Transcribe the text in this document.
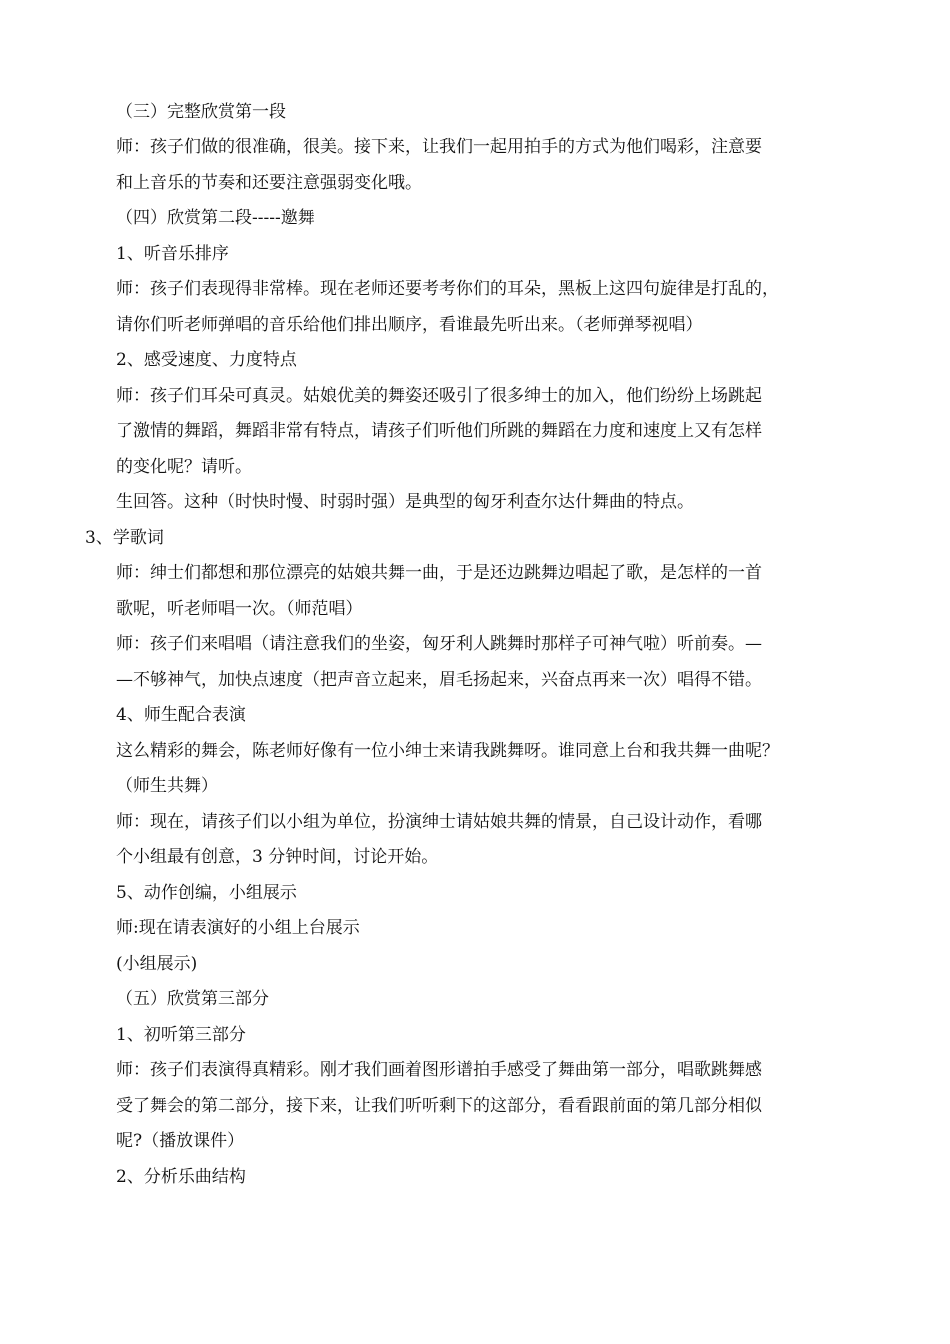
（三）完整欣赏第一段
师：孩子们做的很准确，很美。接下来，让我们一起用拍手的方式为他们喝彩，注意要
和上音乐的节奏和还要注意强弱变化哦。
（四）欣赏第二段-----邀舞
1、听音乐排序
师：孩子们表现得非常棒。现在老师还要考考你们的耳朵，黑板上这四句旋律是打乱的，
请你们听老师弹唱的音乐给他们排出顺序，看谁最先听出来。（老师弹琴视唱）
2、感受速度、力度特点
师：孩子们耳朵可真灵。姑娘优美的舞姿还吸引了很多绅士的加入，他们纷纷上场跳起
了激情的舞蹈，舞蹈非常有特点，请孩子们听他们所跳的舞蹈在力度和速度上又有怎样
的变化呢？请听。
生回答。这种（时快时慢、时弱时强）是典型的匈牙利查尔达什舞曲的特点。
3、学歌词
师：绅士们都想和那位漂亮的姑娘共舞一曲，于是还边跳舞边唱起了歌，是怎样的一首
歌呢，听老师唱一次。（师范唱）
师：孩子们来唱唱（请注意我们的坐姿，匈牙利人跳舞时那样子可神气啦）听前奏。—
—不够神气，加快点速度（把声音立起来，眉毛扬起来，兴奋点再来一次）唱得不错。
4、师生配合表演
这么精彩的舞会，陈老师好像有一位小绅士来请我跳舞呀。谁同意上台和我共舞一曲呢？
（师生共舞）
师：现在，请孩子们以小组为单位，扮演绅士请姑娘共舞的情景，自己设计动作，看哪
个小组最有创意，3 分钟时间，讨论开始。
5、动作创编，小组展示
师:现在请表演好的小组上台展示
(小组展示)
（五）欣赏第三部分
1、初听第三部分
师：孩子们表演得真精彩。刚才我们画着图形谱拍手感受了舞曲第一部分，唱歌跳舞感
受了舞会的第二部分，接下来，让我们听听剩下的这部分，看看跟前面的第几部分相似
呢?（播放课件）
2、分析乐曲结构
